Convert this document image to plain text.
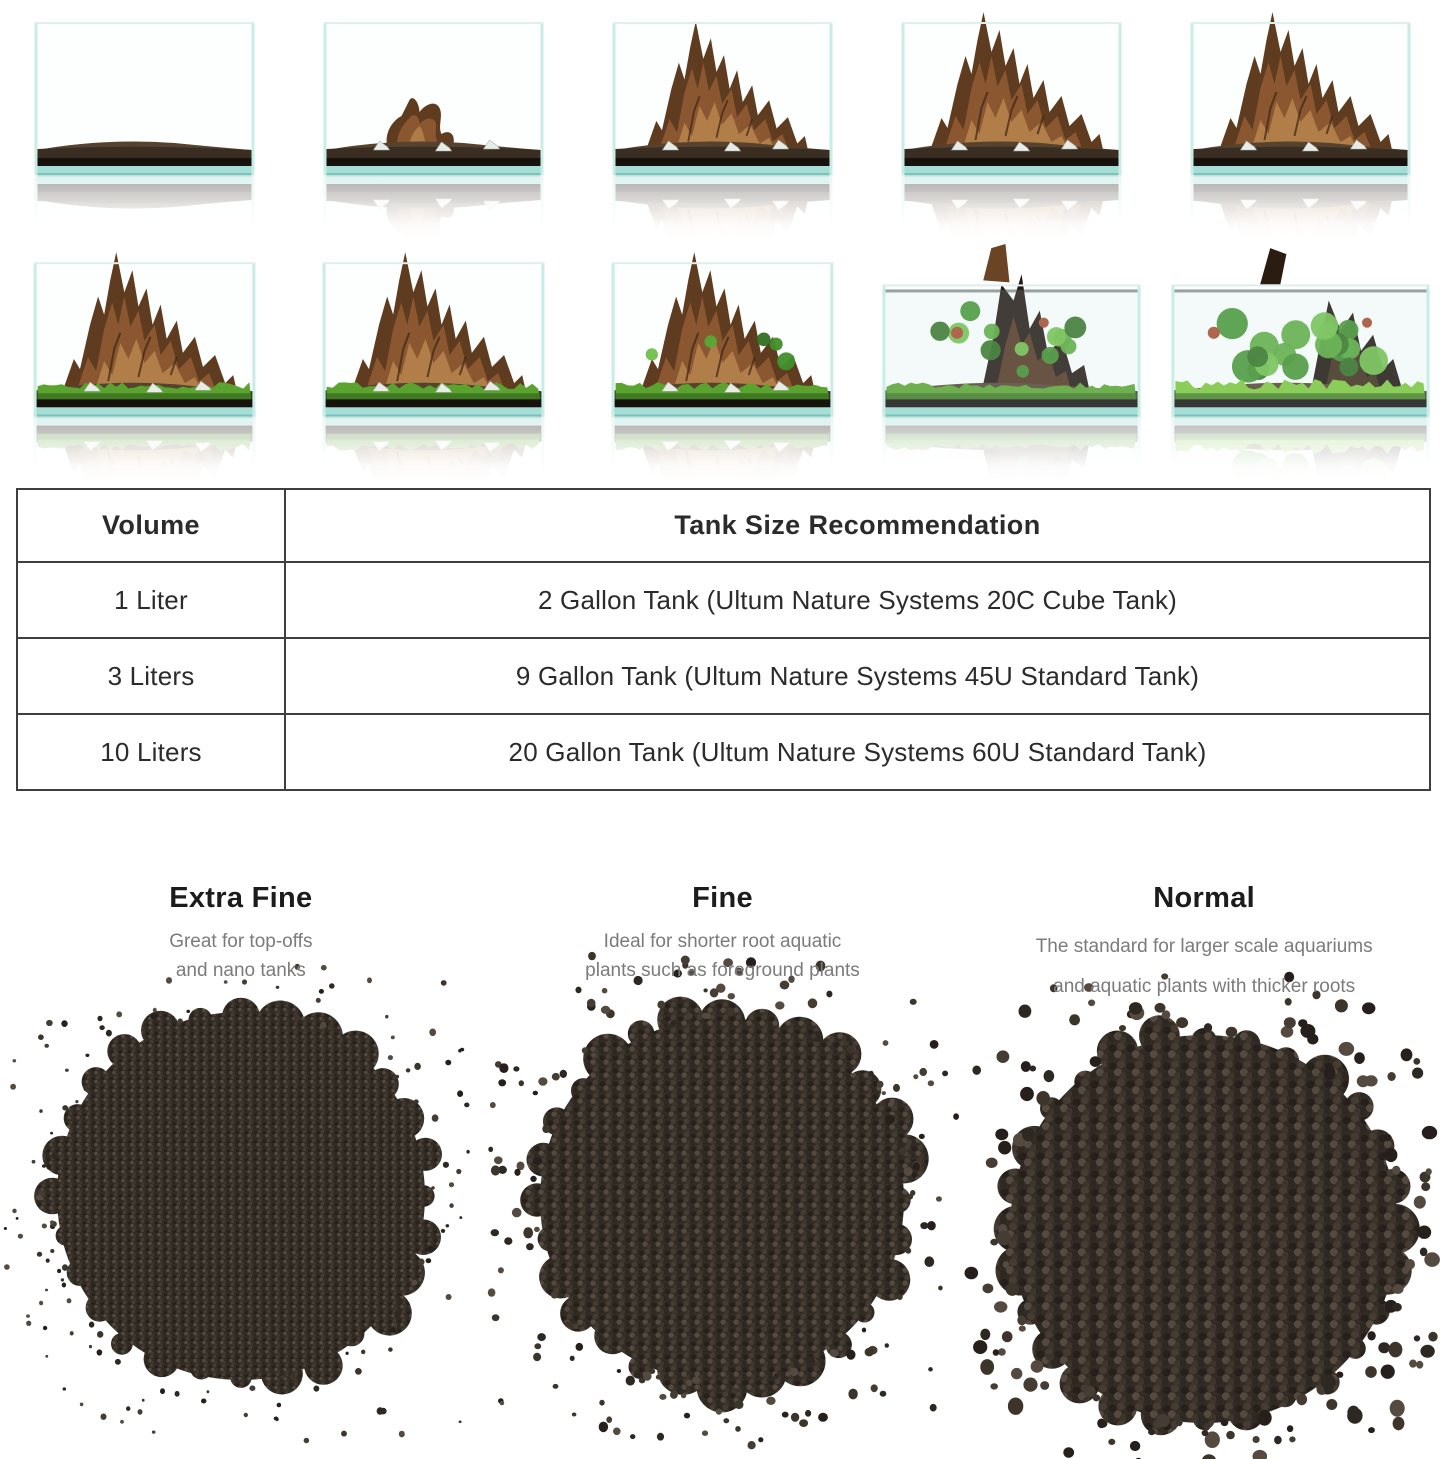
Volume	Tank Size Recommendation
1 Liter	2 Gallon Tank (Ultum Nature Systems 20C Cube Tank)
3 Liters	9 Gallon Tank (Ultum Nature Systems 45U Standard Tank)
10 Liters	20 Gallon Tank (Ultum Nature Systems 60U Standard Tank)
Extra Fine

Great for top-offs
and nano tanks

Fine

Ideal for shorter root aquatic
plants such as foreground plants

Normal

The standard for larger scale aquariums
and aquatic plants with thicker roots
